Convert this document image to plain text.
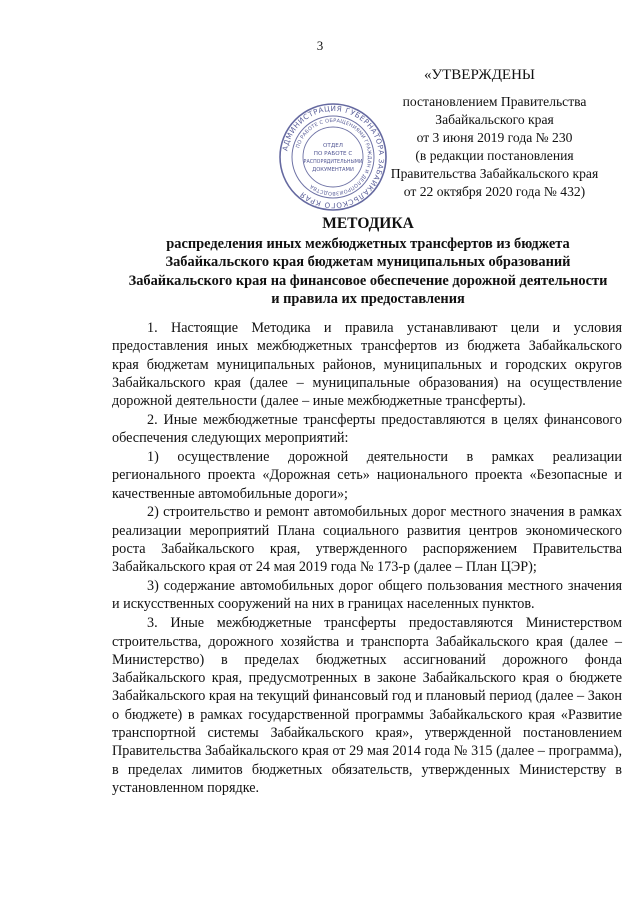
3
АДМИНИСТРАЦИЯ ГУБЕРНАТОРА ЗАБАЙКАЛЬСКОГО КРАЯ
ПО РАБОТЕ С ОБРАЩЕНИЯМИ ГРАЖДАН И ДЕЛОПРОИЗВОДСТВА
ОТДЕЛ
ПО РАБОТЕ С
РАСПОРЯДИТЕЛЬНЫМИ
ДОКУМЕНТАМИ
«УТВЕРЖДЕНЫ
постановлением Правительства
Забайкальского края
от 3 июня 2019 года № 230
(в редакции постановления
Правительства Забайкальского края
от 22 октября 2020 года № 432)
МЕТОДИКА
распределения иных межбюджетных трансфертов из бюджета
Забайкальского края бюджетам муниципальных образований
Забайкальского края на финансовое обеспечение дорожной деятельности
и правила их предоставления

1. Настоящие Методика и правила устанавливают цели и условия предоставления иных межбюджетных трансфертов из бюджета Забайкальского края бюджетам муниципальных районов, муниципальных и городских округов Забайкальского края (далее – муниципальные образования) на осуществление дорожной деятельности (далее – иные межбюджетные трансферты).

2. Иные межбюджетные трансферты предоставляются в целях финансового обеспечения следующих мероприятий:

1) осуществление дорожной деятельности в рамках реализации регионального проекта «Дорожная сеть» национального проекта «Безопасные и качественные автомобильные дороги»;

2) строительство и ремонт автомобильных дорог местного значения в рамках реализации мероприятий Плана социального развития центров экономического роста Забайкальского края, утвержденного распоряжением Правительства Забайкальского края от 24 мая 2019 года № 173-р (далее – План ЦЭР);

3) содержание автомобильных дорог общего пользования местного значения и искусственных сооружений на них в границах населенных пунктов.

3. Иные межбюджетные трансферты предоставляются Министерством строительства, дорожного хозяйства и транспорта Забайкальского края (далее – Министерство) в пределах бюджетных ассигнований дорожного фонда Забайкальского края, предусмотренных в законе Забайкальского края о бюджете Забайкальского края на текущий финансовый год и плановый период (далее – Закон о бюджете) в рамках государственной программы Забайкальского края «Развитие транспортной системы Забайкальского края», утвержденной постановлением Правительства Забайкальского края от 29 мая 2014 года № 315 (далее – программа), в пределах лимитов бюджетных обязательств, утвержденных Министерству в установленном порядке.
